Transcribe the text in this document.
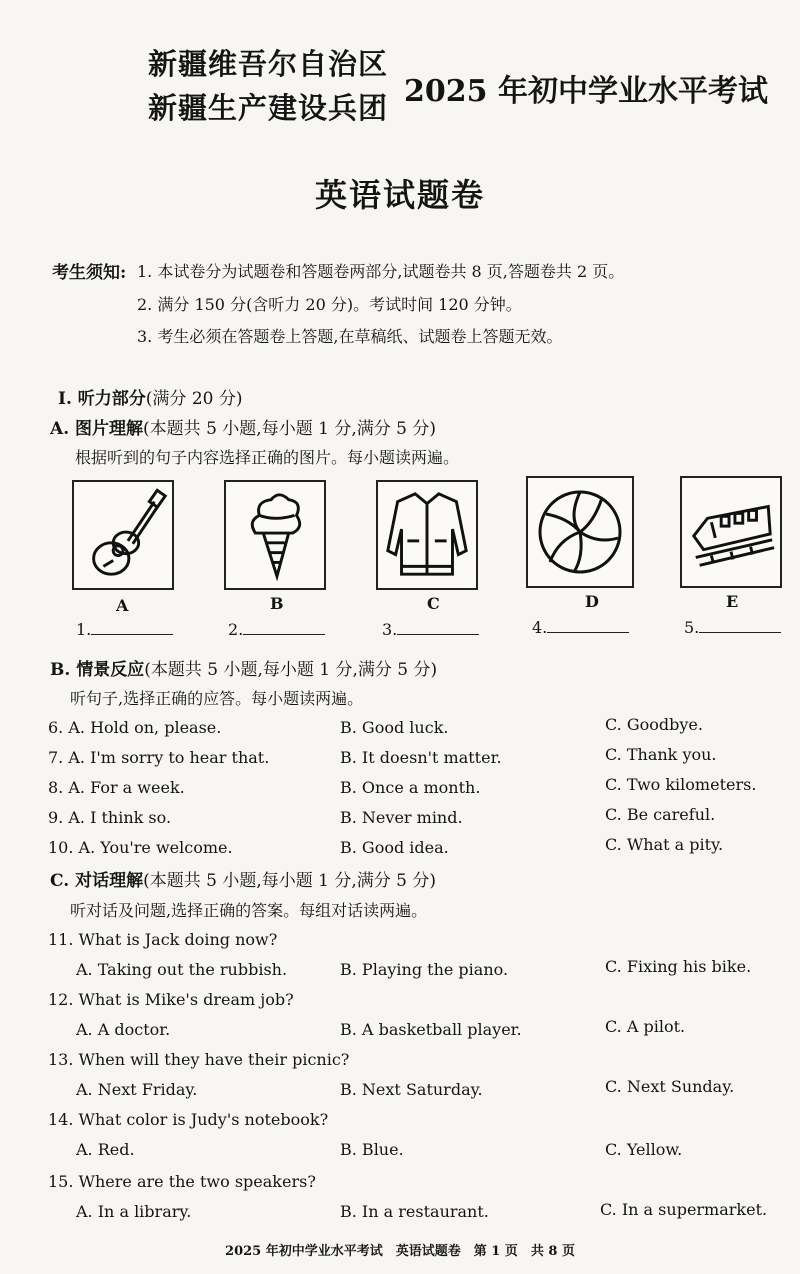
新疆维吾尔自治区
新疆生产建设兵团 2025 年初中学业水平考试
英语试题卷
考生须知: 1. 本试卷分为试题卷和答题卷两部分,试题卷共 8 页,答题卷共 2 页。
2. 满分 150 分(含听力 20 分)。考试时间 120 分钟。
3. 考生必须在答题卷上答题,在草稿纸、试题卷上答题无效。
Ⅰ. 听力部分(满分 20 分)
A. 图片理解(本题共 5 小题,每小题 1 分,满分 5 分)
根据听到的句子内容选择正确的图片。每小题读两遍。
A	B	C	D	E
1.	2.	3.	4.	5.
B. 情景反应(本题共 5 小题,每小题 1 分,满分 5 分)
听句子,选择正确的应答。每小题读两遍。
6. A. Hold on, please.	B. Good luck.	C. Goodbye.
7. A. I'm sorry to hear that.	B. It doesn't matter.	C. Thank you.
8. A. For a week.	B. Once a month.	C. Two kilometers.
9. A. I think so.	B. Never mind.	C. Be careful.
10. A. You're welcome.	B. Good idea.	C. What a pity.
C. 对话理解(本题共 5 小题,每小题 1 分,满分 5 分)
听对话及问题,选择正确的答案。每组对话读两遍。
11. What is Jack doing now?
A. Taking out the rubbish.	B. Playing the piano.	C. Fixing his bike.
12. What is Mike's dream job?
A. A doctor.	B. A basketball player.	C. A pilot.
13. When will they have their picnic?
A. Next Friday.	B. Next Saturday.	C. Next Sunday.
14. What color is Judy's notebook?
A. Red.	B. Blue.	C. Yellow.
15. Where are the two speakers?
A. In a library.	B. In a restaurant.	C. In a supermarket.
2025 年初中学业水平考试　英语试题卷　第 1 页　共 8 页
